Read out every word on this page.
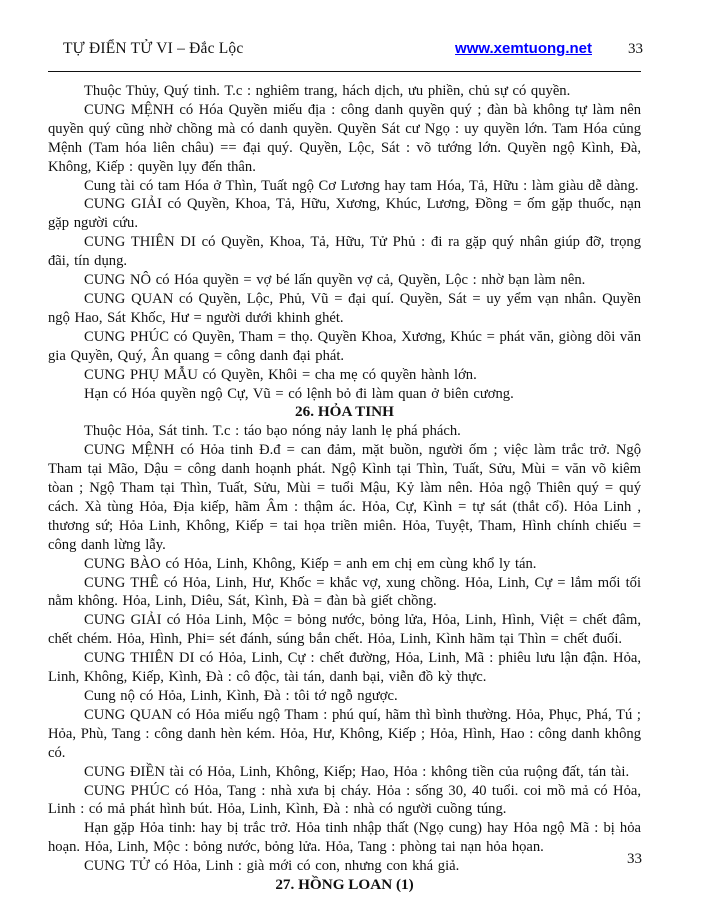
TỰ ĐIỂN TỬ VI – Đắc Lộc	www.xemtuong.net 33

Thuộc Thủy, Quý tinh. T.c : nghiêm trang, hách dịch, ưu phiền, chủ sự có quyền.

CUNG MỆNH có Hóa Quyền miếu địa : công danh quyền quý ; đàn bà không tự làm nên quyền quý cũng nhờ chồng mà có danh quyền. Quyền Sát cư Ngọ : uy quyền lớn. Tam Hóa củng Mệnh (Tam hóa liên châu) == đại quý. Quyền, Lộc, Sát : võ tướng lớn. Quyền ngộ Kình, Đà, Không, Kiếp : quyền lụy đến thân.

Cung tài có tam Hóa ở Thìn, Tuất ngộ Cơ Lương hay tam Hóa, Tả, Hữu : làm giàu dễ dàng.

CUNG GIẢI có Quyền, Khoa, Tả, Hữu, Xương, Khúc, Lương, Đồng = ốm gặp thuốc, nạn gặp người cứu.

CUNG THIÊN DI có Quyền, Khoa, Tả, Hữu, Tử Phủ : đi ra gặp quý nhân giúp đỡ, trọng đãi, tín dụng.

CUNG NÔ có Hóa quyền = vợ bé lấn quyền vợ cả, Quyền, Lộc : nhờ bạn làm nên.

CUNG QUAN có Quyền, Lộc, Phủ, Vũ = đại quí. Quyền, Sát = uy yểm vạn nhân. Quyền ngộ Hao, Sát Khốc, Hư = người dưới khinh ghét.

CUNG PHÚC có Quyền, Tham = thọ. Quyền Khoa, Xương, Khúc = phát văn, giòng dõi văn gia Quyền, Quý, Ân quang = công danh đại phát.

CUNG PHỤ MẪU có Quyền, Khôi = cha mẹ có quyền hành lớn.

Hạn có Hóa quyền ngộ Cự, Vũ = có lệnh bỏ đi làm quan ở biên cương.

26. HỎA TINH

Thuộc Hỏa, Sát tinh. T.c : táo bạo nóng nảy lanh lẹ phá phách.

CUNG MỆNH có Hỏa tinh Đ.đ = can đảm, mặt buồn, người ốm ; việc làm trắc trở. Ngộ Tham tại Mão, Dậu = công danh hoạnh phát. Ngộ Kình tại Thìn, Tuất, Sửu, Mùi = văn võ kiêm tòan ; Ngộ Tham tại Thìn, Tuất, Sửu, Mùi = tuổi Mậu, Kỷ làm nên. Hỏa ngộ Thiên quý = quý cách. Xà tùng Hỏa, Địa kiếp, hãm Âm : thậm ác. Hỏa, Cự, Kình = tự sát (thắt cổ). Hỏa Linh , thương sứ; Hỏa Linh, Không, Kiếp = tai họa triền miên. Hỏa, Tuyệt, Tham, Hình chính chiếu = công danh lừng lẫy.

CUNG BÀO có Hỏa, Linh, Không, Kiếp = anh em chị em cùng khổ ly tán.

CUNG THÊ có Hỏa, Linh, Hư, Khốc = khắc vợ, xung chồng. Hỏa, Linh, Cự = lắm mối tối nằm không. Hỏa, Linh, Diêu, Sát, Kình, Đà = đàn bà giết chồng.

CUNG GIẢI có Hỏa Linh, Mộc = bỏng nước, bỏng lửa, Hỏa, Linh, Hình, Việt = chết đâm, chết chém. Hỏa, Hình, Phi= sét đánh, súng bắn chết. Hỏa, Linh, Kình hãm tại Thìn = chết đuối.

CUNG THIÊN DI có Hỏa, Linh, Cự : chết đường, Hỏa, Linh, Mã : phiêu lưu lận đận. Hỏa, Linh, Không, Kiếp, Kình, Đà : cô độc, tài tán, danh bại, viễn đồ kỳ thực.

Cung nộ có Hỏa, Linh, Kình, Đà : tôi tớ ngỗ ngược.

CUNG QUAN có Hỏa miếu ngộ Tham : phú quí, hãm thì bình thường. Hỏa, Phục, Phá, Tú ; Hỏa, Phù, Tang : công danh hèn kém. Hỏa, Hư, Không, Kiếp ; Hỏa, Hình, Hao : công danh không có.

CUNG ĐIỀN tài có Hỏa, Linh, Không, Kiếp; Hao, Hỏa : không tiền của ruộng đất, tán tài.

CUNG PHÚC có Hỏa, Tang : nhà xưa bị cháy. Hỏa : sống 30, 40 tuổi. coi mồ mả có Hỏa, Linh : có mả phát hình bút. Hỏa, Linh, Kình, Đà : nhà có người cuồng túng.

Hạn gặp Hỏa tinh: hay bị trắc trở. Hỏa tinh nhập thất (Ngọ cung) hay Hỏa ngộ Mã : bị hỏa hoạn. Hỏa, Linh, Mộc : bỏng nước, bỏng lửa. Hỏa, Tang : phòng tai nạn hỏa họan.

CUNG TỬ có Hỏa, Linh : già mới có con, nhưng con khá giả.

27. HỒNG LOAN (1)
33
